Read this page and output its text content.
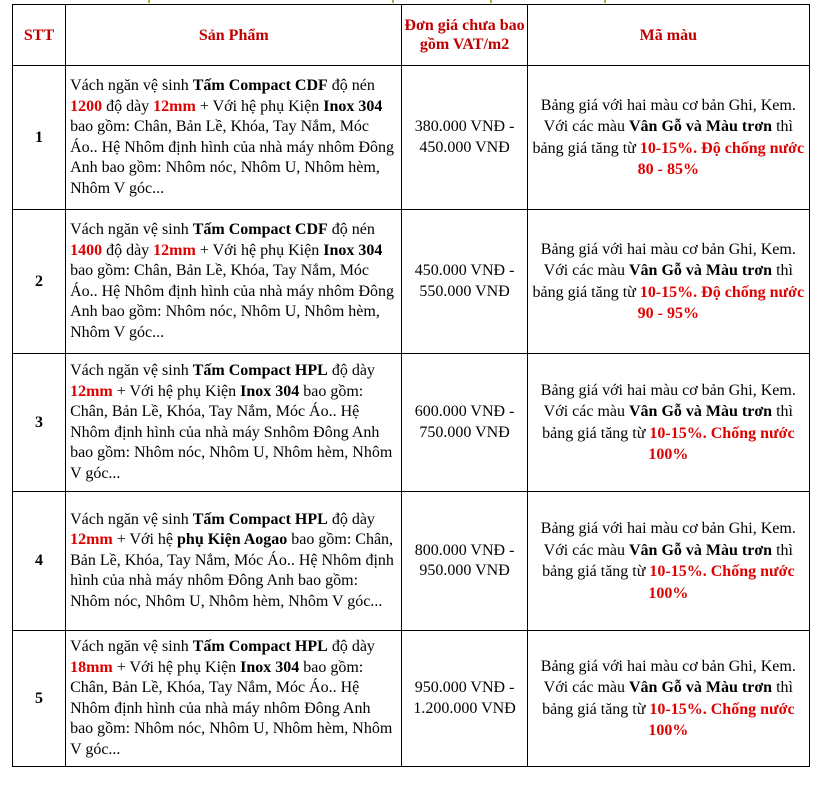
STT	Sản Phẩm	Đơn giá chưa bao gồm VAT/m2	Mã màu
1	Vách ngăn vệ sinh Tấm Compact CDF độ nén 1200 độ dày 12mm + Với hệ phụ Kiện Inox 304 bao gồm: Chân, Bản Lề, Khóa, Tay Nắm, Móc Áo.. Hệ Nhôm định hình của nhà máy nhôm Đông Anh bao gồm: Nhôm nóc, Nhôm U, Nhôm hèm, Nhôm V góc...	380.000 VNĐ - 450.000 VNĐ	Bảng giá với hai màu cơ bản Ghi, Kem. Với các màu Vân Gỗ và Màu trơn thì bảng giá tăng từ 10-15%. Độ chống nước 80 - 85%
2	Vách ngăn vệ sinh Tấm Compact CDF độ nén 1400 độ dày 12mm + Với hệ phụ Kiện Inox 304 bao gồm: Chân, Bản Lề, Khóa, Tay Nắm, Móc Áo.. Hệ Nhôm định hình của nhà máy nhôm Đông Anh bao gồm: Nhôm nóc, Nhôm U, Nhôm hèm, Nhôm V góc...	450.000 VNĐ - 550.000 VNĐ	Bảng giá với hai màu cơ bản Ghi, Kem. Với các màu Vân Gỗ và Màu trơn thì bảng giá tăng từ 10-15%. Độ chống nước 90 - 95%
3	Vách ngăn vệ sinh Tấm Compact HPL độ dày 12mm + Với hệ phụ Kiện Inox 304 bao gồm: Chân, Bản Lề, Khóa, Tay Nắm, Móc Áo.. Hệ Nhôm định hình của nhà máy Snhôm Đông Anh bao gồm: Nhôm nóc, Nhôm U, Nhôm hèm, Nhôm V góc...	600.000 VNĐ - 750.000 VNĐ	Bảng giá với hai màu cơ bản Ghi, Kem. Với các màu Vân Gỗ và Màu trơn thì bảng giá tăng từ 10-15%. Chống nước 100%
4	Vách ngăn vệ sinh Tấm Compact HPL độ dày 12mm + Với hệ phụ Kiện Aogao bao gồm: Chân, Bản Lề, Khóa, Tay Nắm, Móc Áo.. Hệ Nhôm định hình của nhà máy nhôm Đông Anh bao gồm: Nhôm nóc, Nhôm U, Nhôm hèm, Nhôm V góc...	800.000 VNĐ - 950.000 VNĐ	Bảng giá với hai màu cơ bản Ghi, Kem. Với các màu Vân Gỗ và Màu trơn thì bảng giá tăng từ 10-15%. Chống nước 100%
5	Vách ngăn vệ sinh Tấm Compact HPL độ dày 18mm + Với hệ phụ Kiện Inox 304 bao gồm: Chân, Bản Lề, Khóa, Tay Nắm, Móc Áo.. Hệ Nhôm định hình của nhà máy nhôm Đông Anh bao gồm: Nhôm nóc, Nhôm U, Nhôm hèm, Nhôm V góc...	950.000 VNĐ - 1.200.000 VNĐ	Bảng giá với hai màu cơ bản Ghi, Kem. Với các màu Vân Gỗ và Màu trơn thì bảng giá tăng từ 10-15%. Chống nước 100%
